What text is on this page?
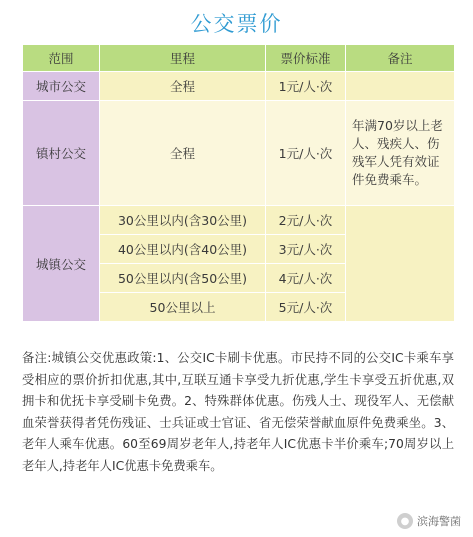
公交票价
范围	里程	票价标准	备注
城市公交	全程	1元/人·次	
镇村公交	全程	1元/人·次	年满70岁以上老人、残疾人、伤残军人凭有效证件免费乘车。
城镇公交	30公里以内(含30公里)	2元/人·次	
	40公里以内(含40公里)	3元/人·次	
	50公里以内(含50公里)	4元/人·次	
	50公里以上	5元/人·次	
备注:城镇公交优惠政策:1、公交IC卡刷卡优惠。市民持不同的公交IC卡乘车享受相应的票价折扣优惠,其中,互联互通卡享受九折优惠,学生卡享受五折优惠,双拥卡和优抚卡享受刷卡免费。2、特殊群体优惠。伤残人士、现役军人、无偿献血荣誉获得者凭伤残证、士兵证或士官证、省无偿荣誉献血原件免费乘坐。3、老年人乘车优惠。60至69周岁老年人,持老年人IC优惠卡半价乘车;70周岁以上老年人,持老年人IC优惠卡免费乘车。
● 滨海警菌
